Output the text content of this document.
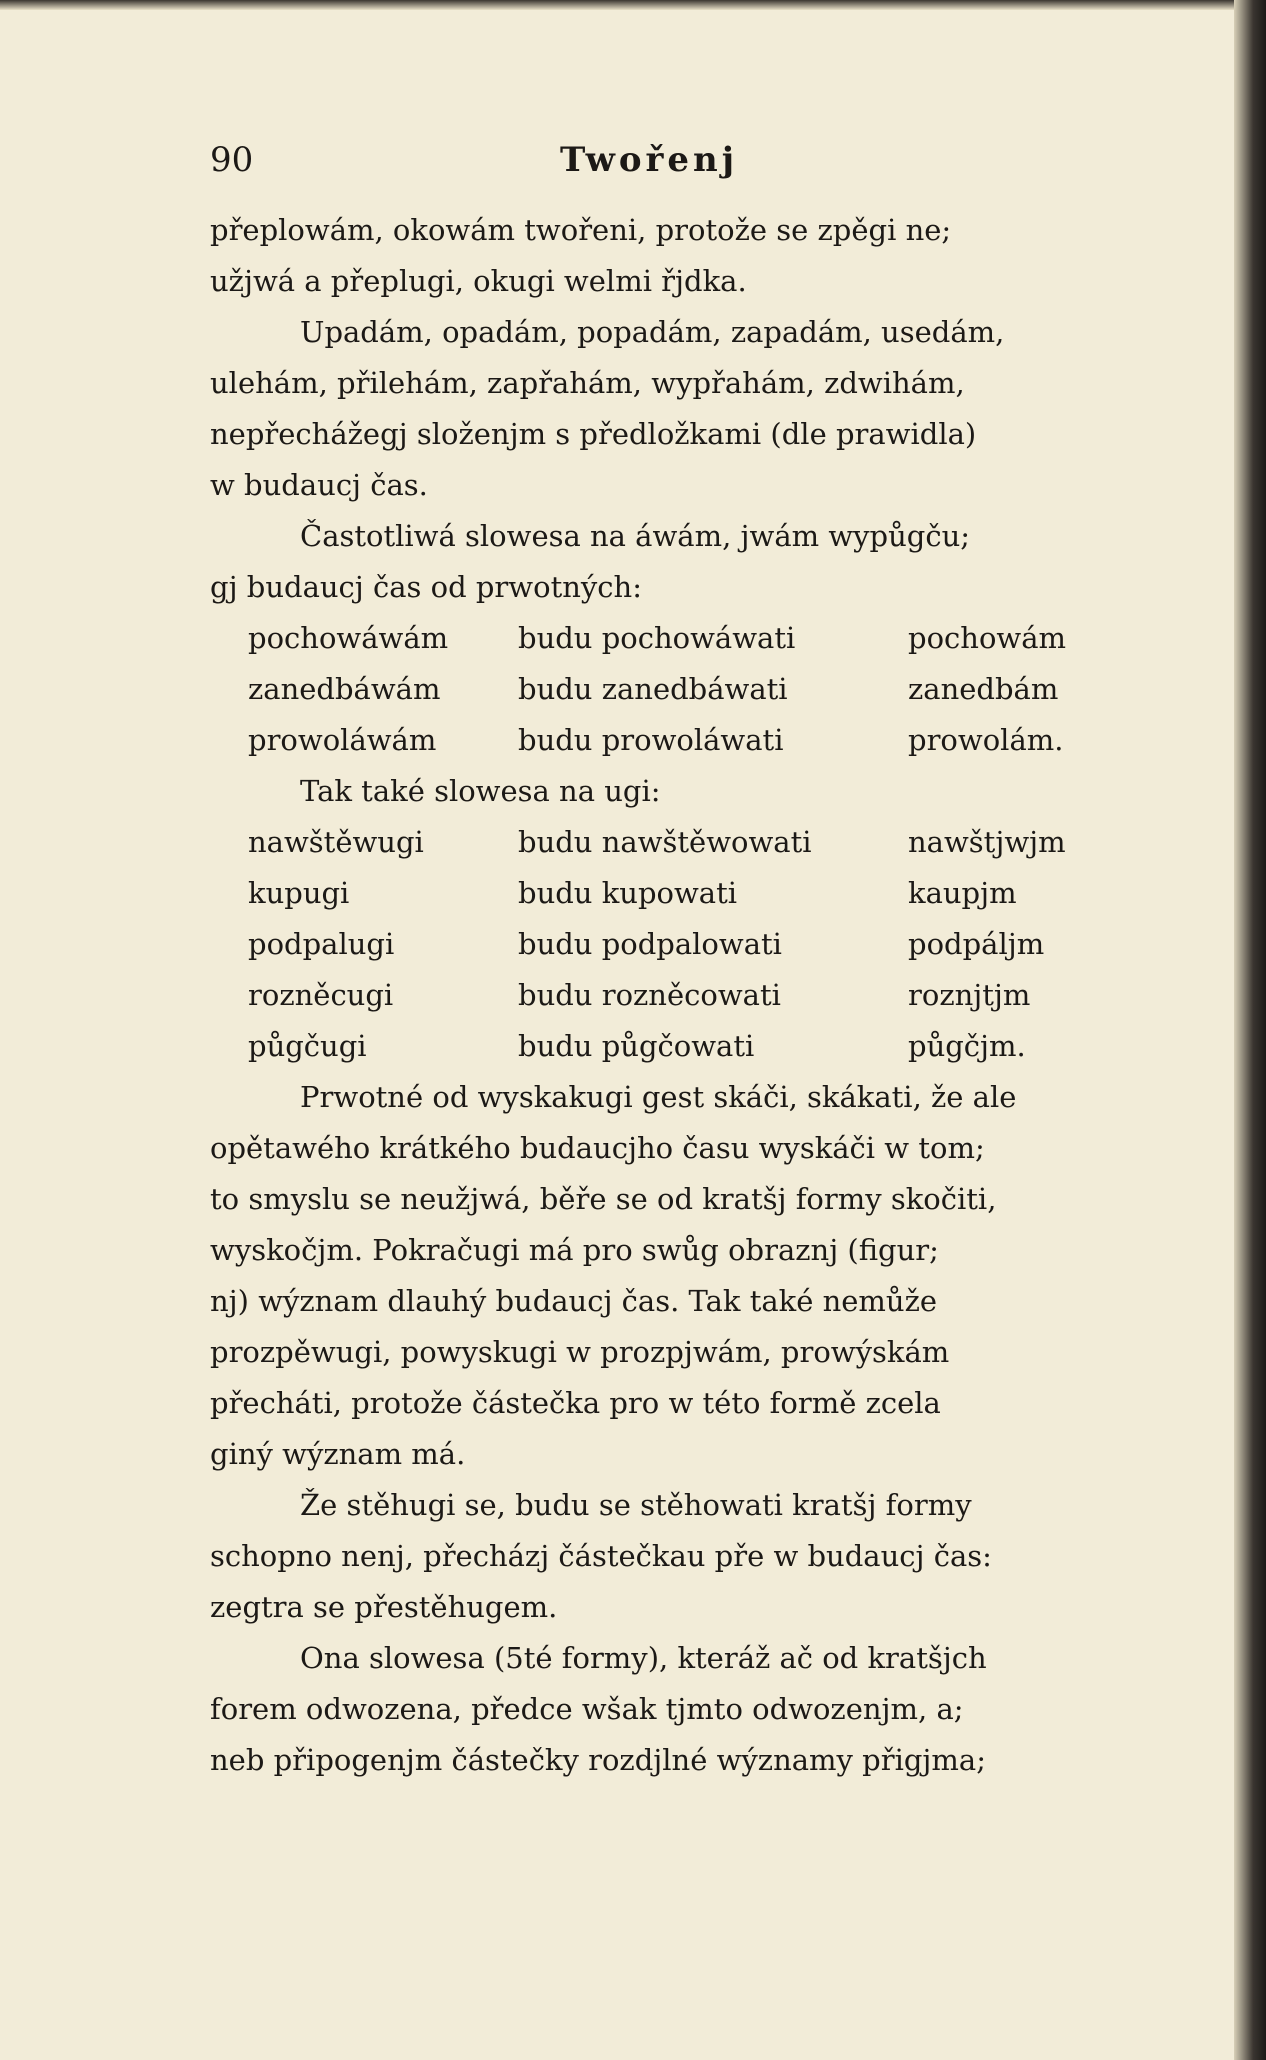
90	Twořenj
přeplowám, okowám twořeni, protože se zpěgi ne;
užjwá a přeplugi, okugi welmi řjdka.
Upadám, opadám, popadám, zapadám, usedám,
ulehám, přilehám, zapřahám, wypřahám, zdwihám,
nepřechážegj složenjm s předložkami (dle prawidla)
w budaucj čas.
Častotliwá slowesa na áwám, jwám wypůgču;
gj budaucj čas od prwotných:
pochowáwám	budu pochowáwati	pochowám
zanedbáwám	budu zanedbáwati	zanedbám
prowoláwám	budu prowoláwati	prowolám.
Tak také slowesa na ugi:
nawštěwugi	budu nawštěwowati	nawštjwjm
kupugi	budu kupowati	kaupjm
podpalugi	budu podpalowati	podpáljm
rozněcugi	budu rozněcowati	roznjtjm
půgčugi	budu půgčowati	půgčjm.
Prwotné od wyskakugi gest skáči, skákati, že ale
opětawého krátkého budaucjho času wyskáči w tom;
to smyslu se neužjwá, běře se od kratšj formy skočiti,
wyskočjm. Pokračugi má pro swůg obraznj (figur;
nj) wýznam dlauhý budaucj čas. Tak také nemůže
prozpěwugi, powyskugi w prozpjwám, prowýskám
přecháti, protože částečka pro w této formě zcela
giný wýznam má.
Že stěhugi se, budu se stěhowati kratšj formy
schopno nenj, přecházj částečkau pře w budaucj čas:
zegtra se přestěhugem.
Ona slowesa (5té formy), kteráž ač od kratšjch
forem odwozena, předce wšak tjmto odwozenjm, a;
neb připogenjm částečky rozdjlné wýznamy přigjma;
